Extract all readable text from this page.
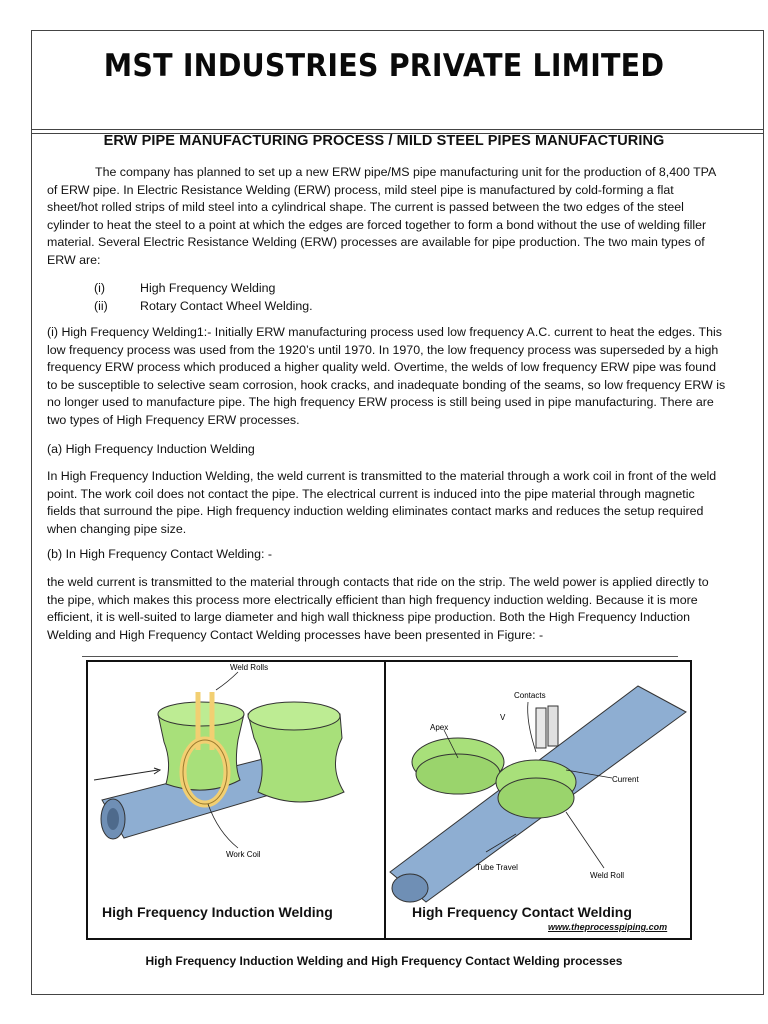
MST INDUSTRIES PRIVATE LIMITED
ERW PIPE MANUFACTURING PROCESS / MILD STEEL PIPES MANUFACTURING
The company has planned to set up a new ERW pipe/MS pipe manufacturing unit for the production of 8,400 TPA of ERW pipe. In Electric Resistance Welding (ERW) process, mild steel pipe is manufactured by cold-forming a flat sheet/hot rolled strips of mild steel into a cylindrical shape. The current is passed between the two edges of the steel cylinder to heat the steel to a point at which the edges are forced together to form a bond without the use of welding filler material. Several Electric Resistance Welding (ERW) processes are available for pipe production. The two main types of ERW are:
(i)	High Frequency Welding
(ii)	Rotary Contact Wheel Welding.
(i) High Frequency Welding1:- Initially ERW manufacturing process used low frequency A.C. current to heat the edges. This low frequency process was used from the 1920’s until 1970. In 1970, the low frequency process was superseded by a high frequency ERW process which produced a higher quality weld. Overtime, the welds of low frequency ERW pipe was found to be susceptible to selective seam corrosion, hook cracks, and inadequate bonding of the seams, so low frequency ERW is no longer used to manufacture pipe. The high frequency ERW process is still being used in pipe manufacturing. There are two types of High Frequency ERW processes.
(a) High Frequency Induction Welding
In High Frequency Induction Welding, the weld current is transmitted to the material through a work coil in front of the weld point. The work coil does not contact the pipe. The electrical current is induced into the pipe material through magnetic fields that surround the pipe. High frequency induction welding eliminates contact marks and reduces the setup required when changing pipe size.
(b) In High Frequency Contact Welding: -
the weld current is transmitted to the material through contacts that ride on the strip. The weld power is applied directly to the pipe, which makes this process more electrically efficient than high frequency induction welding. Because it is more efficient, it is well-suited to large diameter and high wall thickness pipe production. Both the High Frequency Induction Welding and High Frequency Contact Welding processes have been presented in Figure: -
Weld Rolls
Work Coil
Contacts
V
Apex
Current
Tube Travel
Weld Roll
High Frequency Induction Welding	High Frequency Contact Welding
www.theprocesspiping.com
High Frequency Induction Welding and High Frequency Contact Welding processes
